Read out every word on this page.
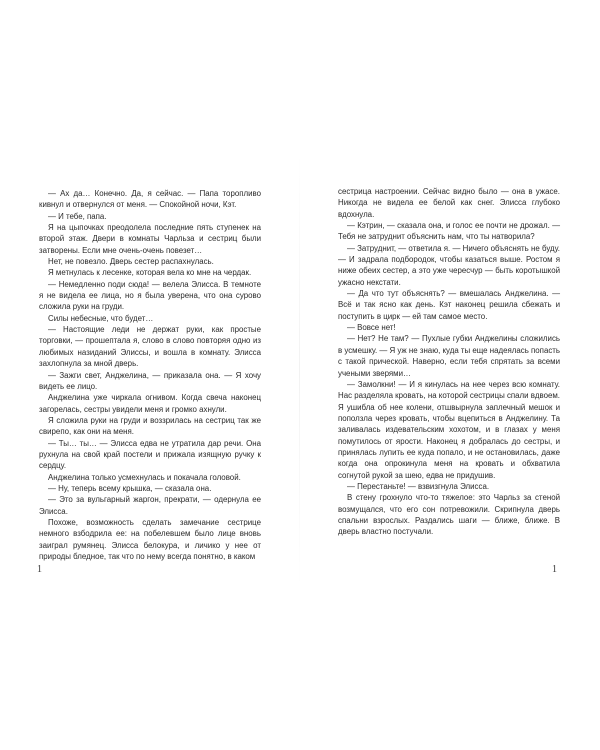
— Ах да… Конечно. Да, я сейчас. — Папа торопливо кивнул и отвернулся от меня. — Спокойной ночи, Кэт.

— И тебе, папа.

Я на цыпочках преодолела последние пять ступенек на второй этаж. Двери в комнаты Чарльза и сестриц были затворены. Если мне очень-очень повезет…

Нет, не повезло. Дверь сестер распахнулась.

Я метнулась к лесенке, которая вела ко мне на чердак.

— Немедленно поди сюда! — велела Элисса. В темноте я не видела ее лица, но я была уверена, что она сурово сложила руки на груди.

Силы небесные, что будет…

— Настоящие леди не держат руки, как простые торговки, — прошептала я, слово в слово повторяя одно из любимых назиданий Элиссы, и вошла в комнату. Элисса захлопнула за мной дверь.

— Зажги свет, Анджелина, — приказала она. — Я хочу видеть ее лицо.

Анджелина уже чиркала огнивом. Когда свеча наконец загорелась, сестры увидели меня и громко ахнули.

Я сложила руки на груди и воззрилась на сестриц так же свирепо, как они на меня.

— Ты… ты… — Элисса едва не утратила дар речи. Она рухнула на свой край постели и прижала изящную ручку к сердцу.

Анджелина только усмехнулась и покачала головой.

— Ну, теперь всему крышка, — сказала она.

— Это за вульгарный жаргон, прекрати, — одернула ее Элисса.

Похоже, возможность сделать замечание сестрице немного взбодрила ее: на побелевшем было лице вновь заиграл румянец. Элисса белокура, и личико у нее от природы бледное, так что по нему всегда понятно, в каком

сестрица настроении. Сейчас видно было — она в ужасе. Никогда не видела ее белой как снег. Элисса глубоко вдохнула.

— Кэтрин, — сказала она, и голос ее почти не дрожал. — Тебя не затруднит объяснить нам, что ты натворила?

— Затруднит, — ответила я. — Ничего объяснять не буду. — И задрала подбородок, чтобы казаться выше. Ростом я ниже обеих сестер, а это уже чересчур — быть коротышкой ужасно некстати.

— Да что тут объяснять? — вмешалась Анджелина. — Всё и так ясно как день. Кэт наконец решила сбежать и поступить в цирк — ей там самое место.

— Вовсе нет!

— Нет? Не там? — Пухлые губки Анджелины сложились в усмешку. — Я уж не знаю, куда ты еще надеялась попасть с такой прической. Наверно, если тебя спрятать за всеми учеными зверями…

— Замолкни! — И я кинулась на нее через всю комнату. Нас разделяла кровать, на которой сестрицы спали вдвоем. Я ушибла об нее колени, отшвырнула заплечный мешок и поползла через кровать, чтобы вцепиться в Анджелину. Та заливалась издевательским хохотом, и в глазах у меня помутилось от ярости. Наконец я добралась до сестры, и принялась лупить ее куда попало, и не остановилась, даже когда она опрокинула меня на кровать и обхватила согнутой рукой за шею, едва не придушив.

— Перестаньте! — взвизгнула Элисса.

В стену грохнуло что-то тяжелое: это Чарльз за стеной возмущался, что его сон потревожили. Скрипнула дверь спальни взрослых. Раздались шаги — ближе, ближе. В дверь властно постучали.

1	1
